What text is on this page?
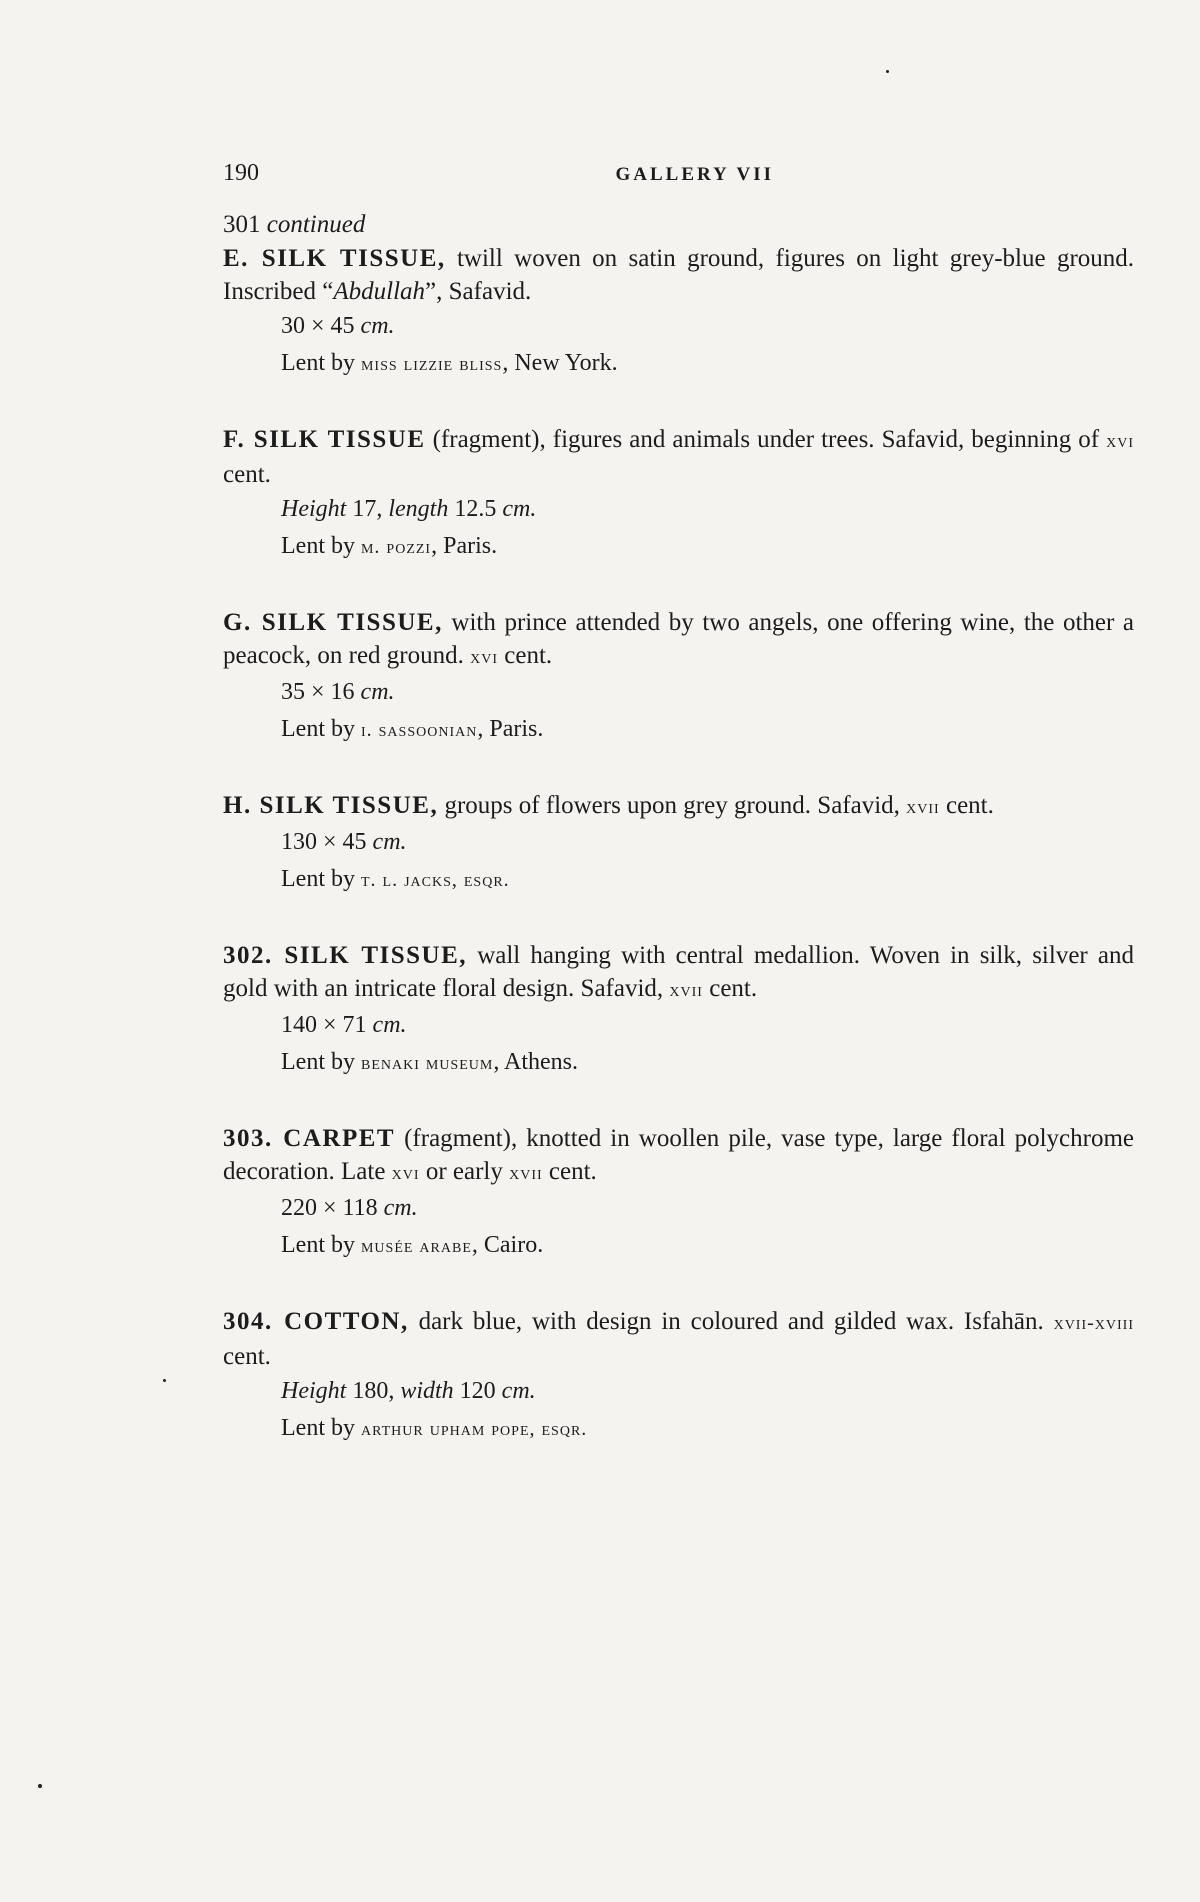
190	GALLERY VII
301 continued

E. SILK TISSUE, twill woven on satin ground, figures on light grey-blue ground. Inscribed “Abdullah”, Safavid.

30 × 45 cm.
Lent by miss lizzie bliss, New York.

F. SILK TISSUE (fragment), figures and animals under trees. Safavid, beginning of xvi cent.

Height 17, length 12.5 cm.
Lent by m. pozzi, Paris.

G. SILK TISSUE, with prince attended by two angels, one offering wine, the other a peacock, on red ground. xvi cent.

35 × 16 cm.
Lent by i. sassoonian, Paris.

H. SILK TISSUE, groups of flowers upon grey ground. Safavid, xvii cent.

130 × 45 cm.
Lent by t. l. jacks, esqr.

302. SILK TISSUE, wall hanging with central medallion. Woven in silk, silver and gold with an intricate floral design. Safavid, xvii cent.

140 × 71 cm.
Lent by benaki museum, Athens.

303. CARPET (fragment), knotted in woollen pile, vase type, large floral polychrome decoration. Late xvi or early xvii cent.

220 × 118 cm.
Lent by musée arabe, Cairo.

304. COTTON, dark blue, with design in coloured and gilded wax. Isfahān. xvii-xviii cent.

Height 180, width 120 cm.
Lent by arthur upham pope, esqr.
